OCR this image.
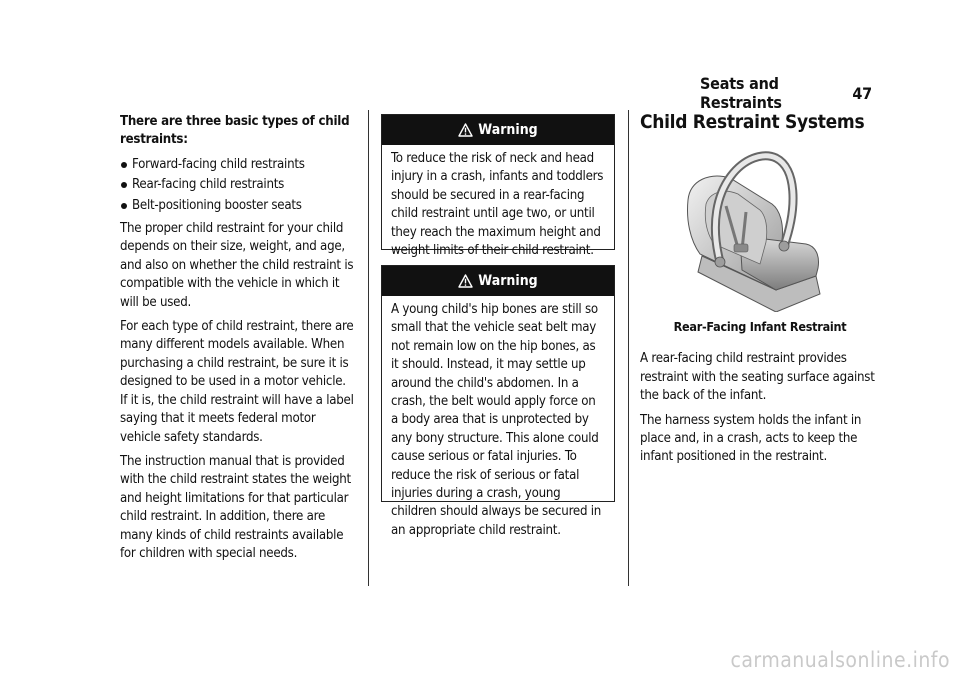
Seats and Restraints	47

There are three basic types of child restraints:

Forward-facing child restraints
Rear-facing child restraints
Belt-positioning booster seats

The proper child restraint for your child depends on their size, weight, and age, and also on whether the child restraint is compatible with the vehicle in which it will be used.

For each type of child restraint, there are many different models available. When purchasing a child restraint, be sure it is designed to be used in a motor vehicle. If it is, the child restraint will have a label saying that it meets federal motor vehicle safety standards.

The instruction manual that is provided with the child restraint states the weight and height limitations for that particular child restraint. In addition, there are many kinds of child restraints available for children with special needs.

Warning
To reduce the risk of neck and head injury in a crash, infants and toddlers should be secured in a rear-facing child restraint until age two, or until they reach the maximum height and weight limits of their child restraint.
Warning
A young child's hip bones are still so small that the vehicle seat belt may not remain low on the hip bones, as it should. Instead, it may settle up around the child's abdomen. In a crash, the belt would apply force on a body area that is unprotected by any bony structure. This alone could cause serious or fatal injuries. To reduce the risk of serious or fatal injuries during a crash, young children should always be secured in an appropriate child restraint.
Child Restraint Systems
Rear-Facing Infant Restraint

A rear-facing child restraint provides restraint with the seating surface against the back of the infant.

The harness system holds the infant in place and, in a crash, acts to keep the infant positioned in the restraint.

carmanualsonline.info
